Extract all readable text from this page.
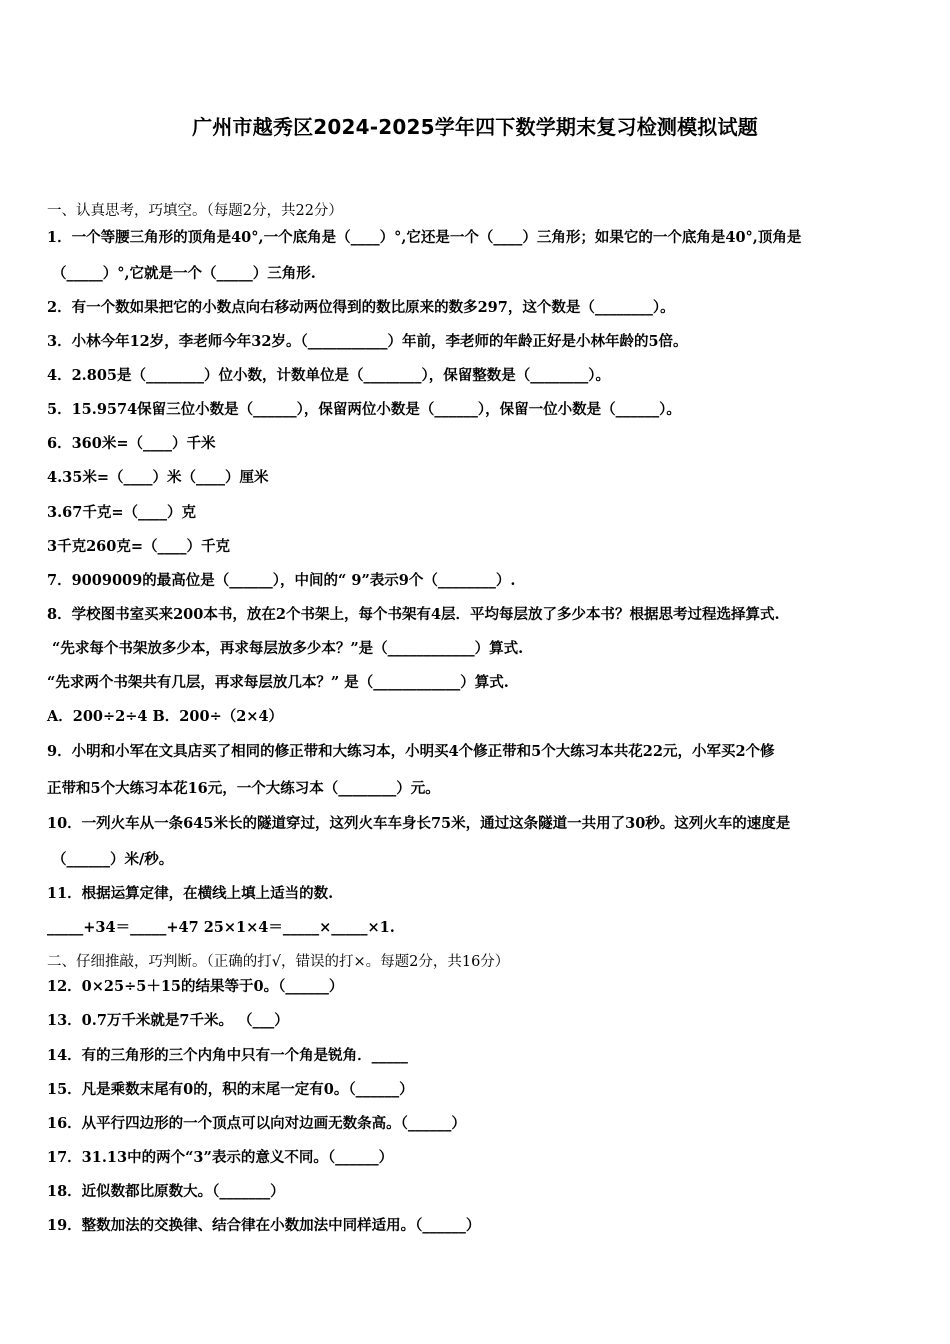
广州市越秀区2024-2025学年四下数学期末复习检测模拟试题
一、认真思考，巧填空。（每题2分，共22分）
1．一个等腰三角形的顶角是40°,一个底角是（____）°,它还是一个（____）三角形；如果它的一个底角是40°,顶角是
（_____）°,它就是一个（_____）三角形.
2．有一个数如果把它的小数点向右移动两位得到的数比原来的数多297，这个数是（________）。
3．小林今年12岁，李老师今年32岁。（___________）年前，李老师的年龄正好是小林年龄的5倍。
4．2.805是（________）位小数，计数单位是（________），保留整数是（________）。
5．15.9574保留三位小数是（______），保留两位小数是（______），保留一位小数是（______）。
6．360米=（____）千米
4.35米=（____）米（____）厘米
3.67千克=（____）克
3千克260克=（____）千克
7．9009009的最高位是（______），中间的“ 9”表示9个（________）.
8．学校图书室买来200本书，放在2个书架上，每个书架有4层．平均每层放了多少本书？根据思考过程选择算式.
“先求每个书架放多少本，再求每层放多少本？”是（____________）算式.
“先求两个书架共有几层，再求每层放几本？” 是（____________）算式.
A．200÷2÷4 B．200÷（2×4）
9．小明和小军在文具店买了相同的修正带和大练习本，小明买4个修正带和5个大练习本共花22元，小军买2个修
正带和5个大练习本花16元，一个大练习本（________）元。
10．一列火车从一条645米长的隧道穿过，这列火车车身长75米，通过这条隧道一共用了30秒。这列火车的速度是
（______）米/秒。
11．根据运算定律，在横线上填上适当的数.
_____+34＝_____+47 25×1×4＝_____×_____×1.
二、仔细推敲，巧判断。（正确的打√，错误的打×。每题2分，共16分）
12．0×25÷5＋15的结果等于0。（______）
13．0.7万千米就是7千米。 （___）
14．有的三角形的三个内角中只有一个角是锐角．_____
15．凡是乘数末尾有0的，积的末尾一定有0。（______）
16．从平行四边形的一个顶点可以向对边画无数条高。（______）
17．31.13中的两个“3”表示的意义不同。（______）
18．近似数都比原数大。（_______）
19．整数加法的交换律、结合律在小数加法中同样适用。（______）
